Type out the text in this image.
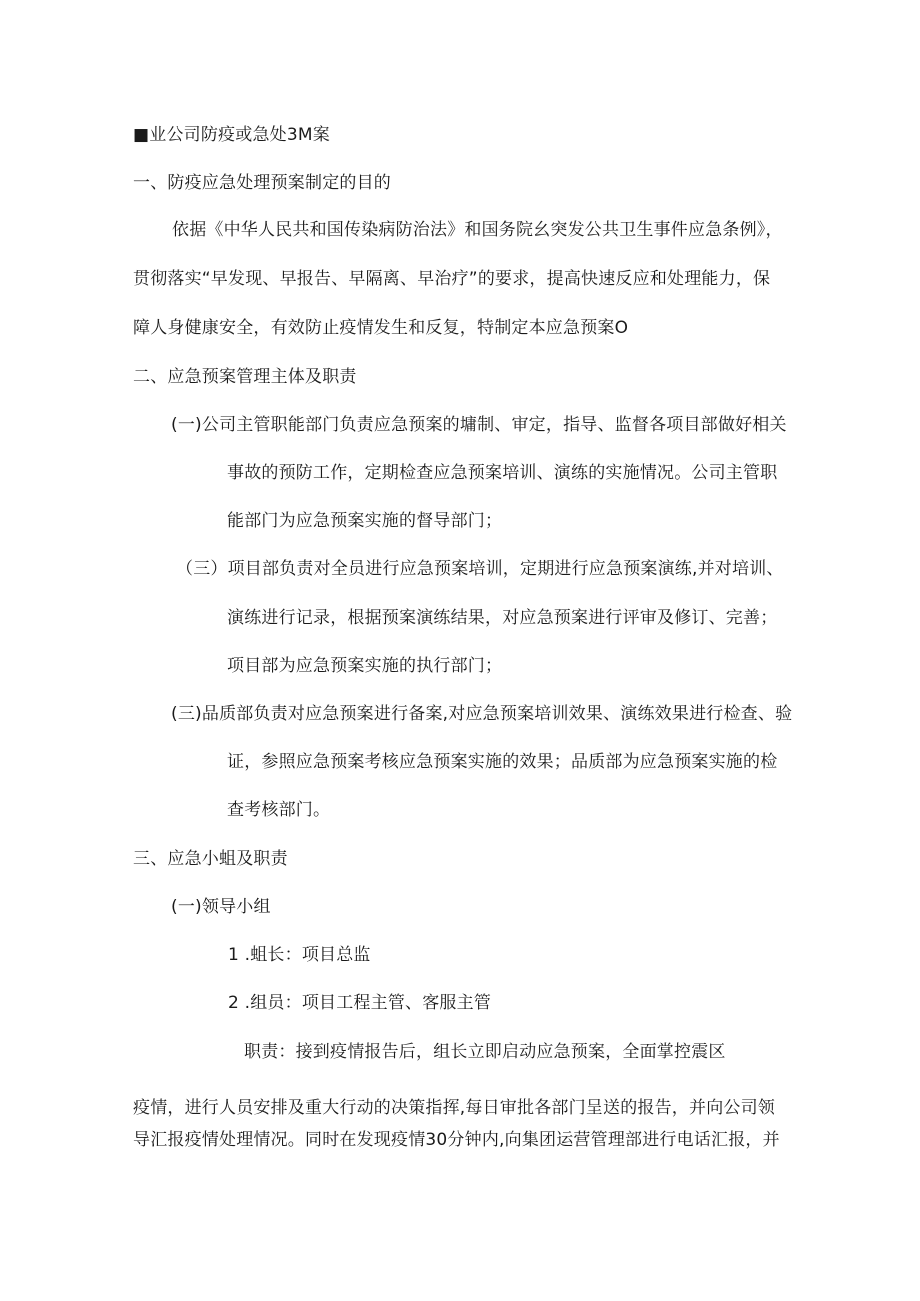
■业公司防疫或急处3M案
一、防疫应急处理预案制定的目的
依据《中华人民共和国传染病防治法》和国务院幺突发公共卫生事件应急条例》，
贯彻落实“早发现、早报告、早隔离、早治疗”的要求，提高快速反应和处理能力，保
障人身健康安全，有效防止疫情发生和反复，特制定本应急预案O
二、应急预案管理主体及职责
(一)公司主管职能部门负责应急预案的墉制、审定，指导、监督各项目部做好相关
事故的预防工作，定期检查应急预案培训、演练的实施情况。公司主管职
能部门为应急预案实施的督导部门；
（三）项目部负责对全员进行应急预案培训，定期进行应急预案演练,并对培训、
演练进行记录，根据预案演练结果，对应急预案进行评审及修订、完善；
项目部为应急预案实施的执行部门；
(三)品质部负责对应急预案进行备案,对应急预案培训效果、演练效果进行检查、验
证，参照应急预案考核应急预案实施的效果；品质部为应急预案实施的检
查考核部门。
三、应急小蛆及职责
(一)领导小组
1 .蛆长：项目总监
2 .组员：项目工程主管、客服主管
职责：接到疫情报告后，组长立即启动应急预案，全面掌控震区
疫情，进行人员安排及重大行动的决策指挥,每日审批各部门呈送的报告，并向公司领
导汇报疫情处理情况。同时在发现疫情30分钟内,向集团运营管理部进行电话汇报，并
